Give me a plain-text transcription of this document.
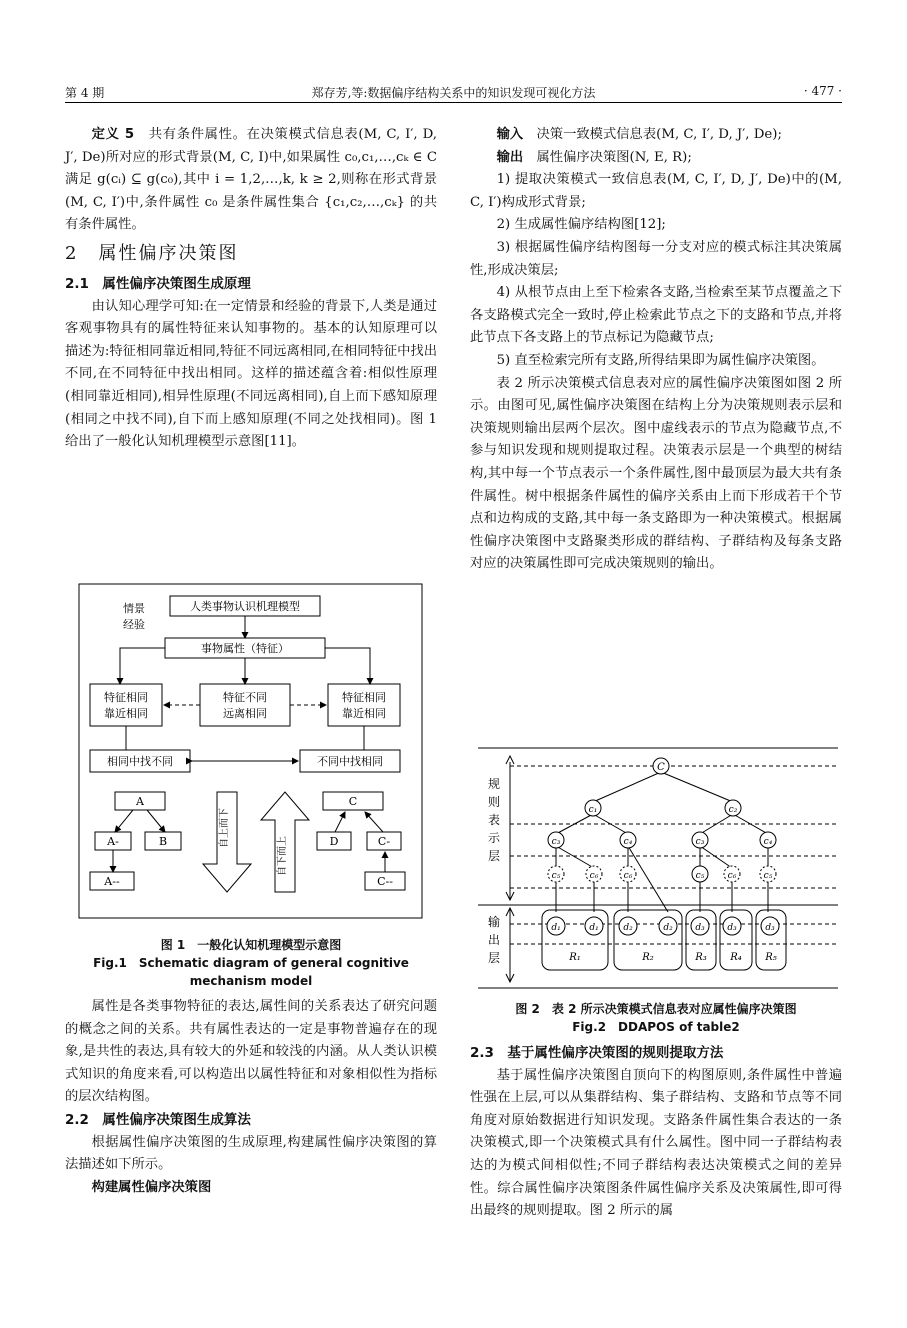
第 4 期	郑存芳,等:数据偏序结构关系中的知识发现可视化方法	· 477 ·

定义 5　共有条件属性。在决策模式信息表(M, C, I′, D, J′, De)所对应的形式背景(M, C, I)中,如果属性 c₀,c₁,…,cₖ ∈ C 满足 g(cᵢ) ⊆ g(c₀),其中 i = 1,2,…,k, k ≥ 2,则称在形式背景(M, C, I′)中,条件属性 c₀ 是条件属性集合 {c₁,c₂,…,cₖ} 的共有条件属性。

2　属性偏序决策图

2.1　属性偏序决策图生成原理

由认知心理学可知:在一定情景和经验的背景下,人类是通过客观事物具有的属性特征来认知事物的。基本的认知原理可以描述为:特征相同靠近相同,特征不同远离相同,在相同特征中找出不同,在不同特征中找出相同。这样的描述蕴含着:相似性原理(相同靠近相同),相异性原理(不同远离相同),自上而下感知原理(相同之中找不同),自下而上感知原理(不同之处找相同)。图 1 给出了一般化认知机理模型示意图[11]。

情景
经验
人类事物认识机理模型
事物属性（特征）
特征相同
靠近相同
特征不同
远离相同
特征相同
靠近相同
相同中找不同	不同中找相同
A
A-	B
A--
自上而下
自下而上
C
D	C-
C--

图 1　一般化认知机理模型示意图

Fig.1　Schematic diagram of general cognitive mechanism model

属性是各类事物特征的表达,属性间的关系表达了研究问题的概念之间的关系。共有属性表达的一定是事物普遍存在的现象,是共性的表达,具有较大的外延和较浅的内涵。从人类认识模式知识的角度来看,可以构造出以属性特征和对象相似性为指标的层次结构图。

2.2　属性偏序决策图生成算法

根据属性偏序决策图的生成原理,构建属性偏序决策图的算法描述如下所示。

构建属性偏序决策图

输入　决策一致模式信息表(M, C, I′, D, J′, De);

输出　属性偏序决策图(N, E, R);

1) 提取决策模式一致信息表(M, C, I′, D, J′, De)中的(M, C, I′)构成形式背景;

2) 生成属性偏序结构图[12];

3) 根据属性偏序结构图每一分支对应的模式标注其决策属性,形成决策层;

4) 从根节点由上至下检索各支路,当检索至某节点覆盖之下各支路模式完全一致时,停止检索此节点之下的支路和节点,并将此节点下各支路上的节点标记为隐藏节点;

5) 直至检索完所有支路,所得结果即为属性偏序决策图。

表 2 所示决策模式信息表对应的属性偏序决策图如图 2 所示。由图可见,属性偏序决策图在结构上分为决策规则表示层和决策规则输出层两个层次。图中虚线表示的节点为隐藏节点,不参与知识发现和规则提取过程。决策表示层是一个典型的树结构,其中每一个节点表示一个条件属性,图中最顶层为最大共有条件属性。树中根据条件属性的偏序关系由上而下形成若干个节点和边构成的支路,其中每一条支路即为一种决策模式。根据属性偏序决策图中支路聚类形成的群结构、子群结构及每条支路对应的决策属性即可完成决策规则的输出。

规
则
表
示
层
输
出
层
C
c₁	c₂
c₃	c₄	c₃	c₄
c₅	c₆	c₆	c₅	c₆	c₅
d₁	d₁	d₂	d₂	d₃	d₃	d₃
R₁	R₂	R₃ R₄ R₅

图 2　表 2 所示决策模式信息表对应属性偏序决策图

Fig.2　DDAPOS of table2

2.3　基于属性偏序决策图的规则提取方法

基于属性偏序决策图自顶向下的构图原则,条件属性中普遍性强在上层,可以从集群结构、集子群结构、支路和节点等不同角度对原始数据进行知识发现。支路条件属性集合表达的一条决策模式,即一个决策模式具有什么属性。图中同一子群结构表达的为模式间相似性;不同子群结构表达决策模式之间的差异性。综合属性偏序决策图条件属性偏序关系及决策属性,即可得出最终的规则提取。图 2 所示的属
